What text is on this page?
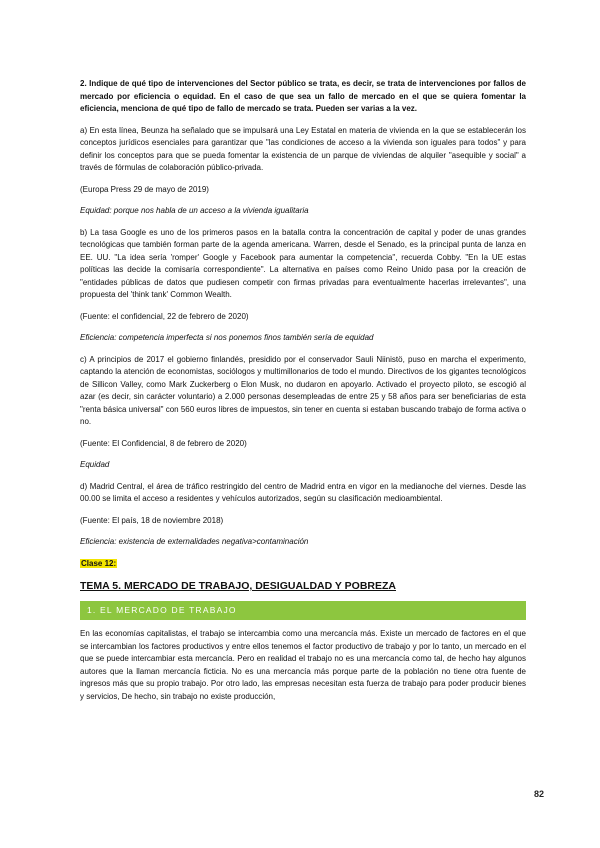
2. Indique de qué tipo de intervenciones del Sector público se trata, es decir, se trata de intervenciones por fallos de mercado por eficiencia o equidad. En el caso de que sea un fallo de mercado en el que se quiera fomentar la eficiencia, menciona de qué tipo de fallo de mercado se trata. Pueden ser varias a la vez.

a) En esta línea, Beunza ha señalado que se impulsará una Ley Estatal en materia de vivienda en la que se establecerán los conceptos jurídicos esenciales para garantizar que "las condiciones de acceso a la vivienda son iguales para todos" y para definir los conceptos para que se pueda fomentar la existencia de un parque de viviendas de alquiler "asequible y social" a través de fórmulas de colaboración público-privada.

(Europa Press 29 de mayo de 2019)

Equidad: porque nos habla de un acceso a la vivienda igualitaria

b) La tasa Google es uno de los primeros pasos en la batalla contra la concentración de capital y poder de unas grandes tecnológicas que también forman parte de la agenda americana. Warren, desde el Senado, es la principal punta de lanza en EE. UU. "La idea sería 'romper' Google y Facebook para aumentar la competencia", recuerda Cobby. "En la UE estas políticas las decide la comisaría correspondiente". La alternativa en países como Reino Unido pasa por la creación de "entidades públicas de datos que pudiesen competir con firmas privadas para eventualmente hacerlas irrelevantes", una propuesta del 'think tank' Common Wealth.

(Fuente: el confidencial, 22 de febrero de 2020)

Eficiencia: competencia imperfecta si nos ponemos finos también sería de equidad

c) A principios de 2017 el gobierno finlandés, presidido por el conservador Sauli Niinistö, puso en marcha el experimento, captando la atención de economistas, sociólogos y multimillonarios de todo el mundo. Directivos de los gigantes tecnológicos de Sillicon Valley, como Mark Zuckerberg o Elon Musk, no dudaron en apoyarlo. Activado el proyecto piloto, se escogió al azar (es decir, sin carácter voluntario) a 2.000 personas desempleadas de entre 25 y 58 años para ser beneficiarias de esta "renta básica universal" con 560 euros libres de impuestos, sin tener en cuenta si estaban buscando trabajo de forma activa o no.

(Fuente: El Confidencial, 8 de febrero de 2020)

Equidad

d) Madrid Central, el área de tráfico restringido del centro de Madrid entra en vigor en la medianoche del viernes. Desde las 00.00 se limita el acceso a residentes y vehículos autorizados, según su clasificación medioambiental.

(Fuente: El país, 18 de noviembre 2018)

Eficiencia: existencia de externalidades negativa>contaminación

Clase 12:

TEMA 5. MERCADO DE TRABAJO, DESIGUALDAD Y POBREZA

1. EL MERCADO DE TRABAJO

En las economías capitalistas, el trabajo se intercambia como una mercancía más. Existe un mercado de factores en el que se intercambian los factores productivos y entre ellos tenemos el factor productivo de trabajo y por lo tanto, un mercado en el que se puede intercambiar esta mercancía. Pero en realidad el trabajo no es una mercancía como tal, de hecho hay algunos autores que la llaman mercancía ficticia. No es una mercancía más porque parte de la población no tiene otra fuente de ingresos más que su propio trabajo. Por otro lado, las empresas necesitan esta fuerza de trabajo para poder producir bienes y servicios, De hecho, sin trabajo no existe producción,

82
